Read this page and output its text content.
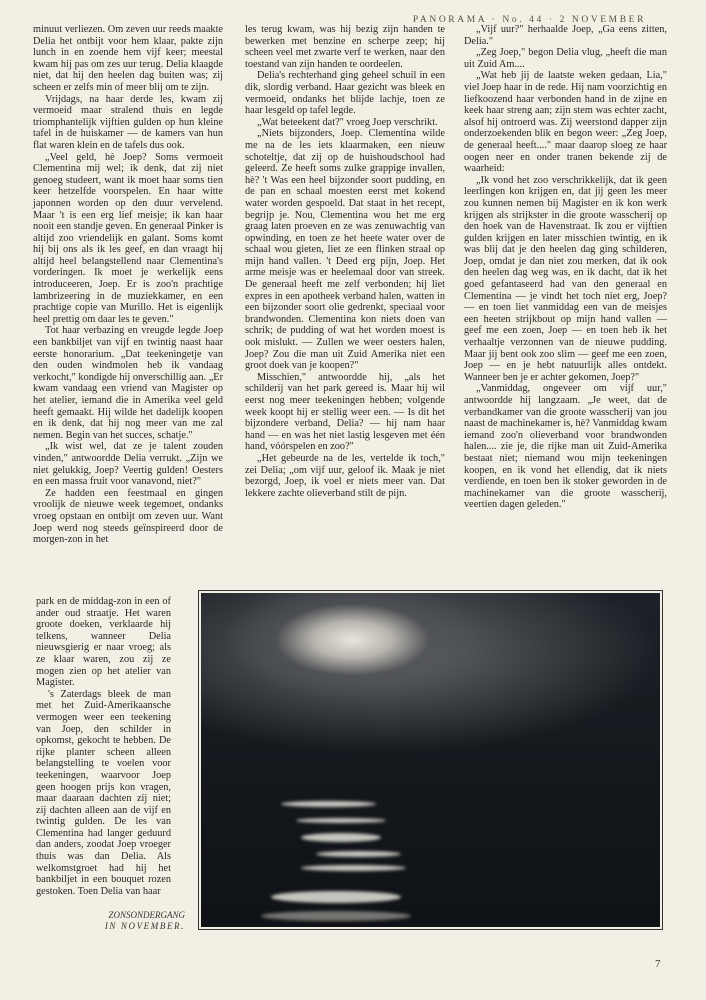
PANORAMA · No. 44 · 2 NOVEMBER

minuut verliezen. Om zeven uur reeds maakte Delia het ontbijt voor hem klaar, pakte zijn lunch in en zoende hem vijf keer; meestal kwam hij pas om zes uur terug. Delia klaagde niet, dat hij den heelen dag buiten was; zij scheen er zelfs min of meer blij om te zijn.

Vrijdags, na haar derde les, kwam zij vermoeid maar stralend thuis en legde triomphantelijk vijftien gulden op hun kleine tafel in de huiskamer — de kamers van hun flat waren klein en de tafels dus ook.

„Veel geld, hè Joep? Soms vermoeit Clementina mij wel; ik denk, dat zij niet genoeg studeert, want ik moet haar soms tien keer hetzelfde voorspelen. En haar witte japonnen worden op den duur vervelend. Maar 't is een erg lief meisje; ik kan haar nooit een standje geven. En generaal Pinker is altijd zoo vriendelijk en galant. Soms komt hij bij ons als ik les geef, en dan vraagt hij altijd heel belangstellend naar Clementina's vorderingen. Ik moet je werkelijk eens introduceeren, Joep. Er is zoo'n prachtige lambrizeering in de muziekkamer, en een prachtige copie van Murillo. Het is eigenlijk heel prettig om daar les te geven."

Tot haar verbazing en vreugde legde Joep een bankbiljet van vijf en twintig naast haar eerste honorarium. „Dat teekeningetje van den ouden windmolen heb ik vandaag verkocht," kondigde hij onverschillig aan. „Er kwam vandaag een vriend van Magister op het atelier, iemand die in Amerika veel geld heeft gemaakt. Hij wilde het dadelijk koopen en ik denk, dat hij nog meer van me zal nemen. Begin van het succes, schatje."

„Ik wist wel, dat ze je talent zouden vinden," antwoordde Delia verrukt. „Zijn we niet gelukkig, Joep? Veertig gulden! Oesters en een massa fruit voor vanavond, niet?"

Ze hadden een feestmaal en gingen vroolijk de nieuwe week tegemoet, ondanks vroeg opstaan en ontbijt om zeven uur. Want Joep werd nog steeds geïnspireerd door de morgen-zon in het

park en de middag-zon in een of ander oud straatje. Het waren groote doeken, verklaarde hij telkens, wanneer Delia nieuwsgierig er naar vroeg; als ze klaar waren, zou zij ze mogen zien op het atelier van Magister.

's Zaterdags bleek de man met het Zuid-Amerikaansche vermogen weer een teekening van Joep, den schilder in opkomst, gekocht te hebben. De rijke planter scheen alleen belangstelling te voelen voor teekeningen, waarvoor Joep geen hoogen prijs kon vragen, maar daaraan dachten zij niet; zij dachten alleen aan de vijf en twintig gulden. De les van Clementina had langer geduurd dan anders, zoodat Joep vroeger thuis was dan Delia. Als welkomstgroet had hij het bankbiljet in een bouquet rozen gestoken. Toen Delia van haar

les terug kwam, was hij bezig zijn handen te bewerken met benzine en scherpe zeep; hij scheen veel met zwarte verf te werken, naar den toestand van zijn handen te oordeelen.

Delia's rechterhand ging geheel schuil in een dik, slordig verband. Haar gezicht was bleek en vermoeid, ondanks het blijde lachje, toen ze haar lesgeld op tafel legde.

„Wat beteekent dat?" vroeg Joep verschrikt.

„Niets bijzonders, Joep. Clementina wilde me na de les iets klaarmaken, een nieuw schoteltje, dat zij op de huishoudschool had geleerd. Ze heeft soms zulke grappige invallen, hè? 't Was een heel bijzonder soort pudding, en de pan en schaal moesten eerst met kokend water worden gespoeld. Dat staat in het recept, begrijp je. Nou, Clementina wou het me erg graag laten proeven en ze was zenuwachtig van opwinding, en toen ze het heete water over de schaal wou gieten, liet ze een flinken straal op mijn hand vallen. 't Deed erg pijn, Joep. Het arme meisje was er heelemaal door van streek. De generaal heeft me zelf verbonden; hij liet expres in een apotheek verband halen, watten in een bijzonder soort olie gedrenkt, speciaal voor brandwonden. Clementina kon niets doen van schrik; de pudding of wat het worden moest is ook mislukt. — Zullen we weer oesters halen, Joep? Zou die man uit Zuid Amerika niet een groot doek van je koopen?"

Misschien," antwoordde hij, „als het schilderij van het park gereed is. Maar hij wil eerst nog meer teekeningen hebben; volgende week koopt hij er stellig weer een. — Is dit het bijzondere verband, Delia? — hij nam haar hand — en was het niet lastig lesgeven met één hand, vóórspelen en zoo?"

„Het gebeurde na de les, vertelde ik toch," zei Delia; „om vijf uur, geloof ik. Maak je niet bezorgd, Joep, ik voel er niets meer van. Dat lekkere zachte olieverband stilt de pijn.

„Vijf uur?" herhaalde Joep, „Ga eens zitten, Delia."

„Zeg Joep," begon Delia vlug, „heeft die man uit Zuid Am....

„Wat heb jij de laatste weken gedaan, Lia," viel Joep haar in de rede. Hij nam voorzichtig en liefkoozend haar verbonden hand in de zijne en keek haar streng aan; zijn stem was echter zacht, alsof hij ontroerd was. Zij weerstond dapper zijn onderzoekenden blik en begon weer: „Zeg Joep, de generaal heeft...." maar daarop sloeg ze haar oogen neer en onder tranen bekende zij de waarheid:

„Ik vond het zoo verschrikkelijk, dat ik geen leerlingen kon krijgen en, dat jij geen les meer zou kunnen nemen bij Magister en ik kon werk krijgen als strijkster in die groote wasscherij op den hoek van de Havenstraat. Ik zou er vijftien gulden krijgen en later misschien twintig, en ik was blij dat je den heelen dag ging schilderen, Joep, omdat je dan niet zou merken, dat ik ook den heelen dag weg was, en ik dacht, dat ik het goed gefantaseerd had van den generaal en Clementina — je vindt het toch niet erg, Joep? — en toen liet vanmiddag een van de meisjes een heeten strijkbout op mijn hand vallen — geef me een zoen, Joep — en toen heb ik het verhaaltje verzonnen van de nieuwe pudding. Maar jij bent ook zoo slim — geef me een zoen, Joep — en je hebt natuurlijk alles ontdekt. Wanneer ben je er achter gekomen, Joep?"

„Vanmiddag, ongeveer om vijf uur," antwoordde hij langzaam. „Je weet, dat de verbandkamer van die groote wasscherij van jou naast de machinekamer is, hè? Vanmiddag kwam iemand zoo'n olieverband voor brandwonden halen.... zie je, die rijke man uit Zuid-Amerika bestaat niet; niemand wou mijn teekeningen koopen, en ik vond het ellendig, dat ik niets verdiende, en toen ben ik stoker geworden in de machinekamer van die groote wasscherij, veertien dagen geleden."

ZONSONDERGANG
IN NOVEMBER.
7
